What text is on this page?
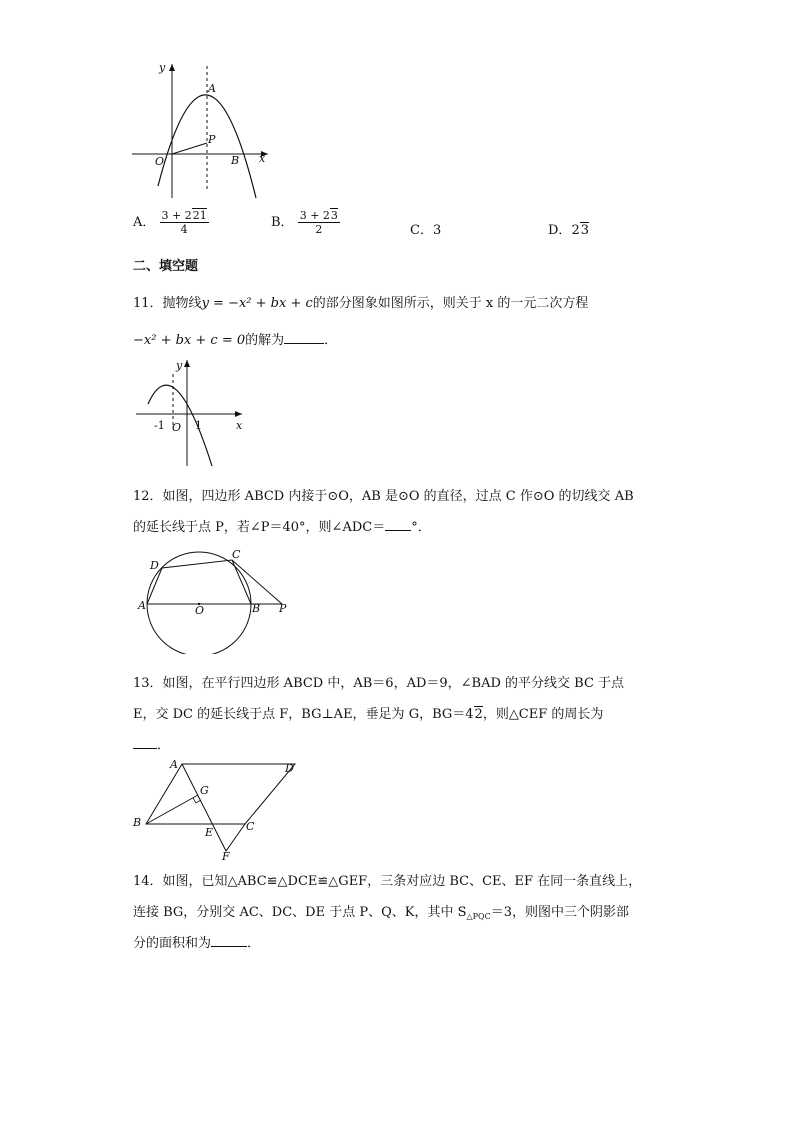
y
A
P
O	B x
A． $\frac{3 + 221}{4}$	B． $\frac{3 + 23}{2}$	C．3	D．23
二、填空题
11．抛物线y = −x² + bx + c的部分图象如图所示，则关于 x 的一元二次方程
−x² + bx + c = 0的解为	．
y
-1 O 1	x
12．如图，四边形 ABCD 内接于⊙O，AB 是⊙O 的直径，过点 C 作⊙O 的切线交 AB
的延长线于点 P，若∠P＝40°，则∠ADC＝ °．
D
C
A	O	B P
13．如图，在平行四边形 ABCD 中，AB＝6，AD＝9，∠BAD 的平分线交 BC 于点
E，交 DC 的延长线于点 F，BG⊥AE，垂足为 G，BG＝42，则△CEF 的周长为
．
A	D
G
B
E	C
F
14．如图，已知△ABC≌△DCE≌△GEF，三条对应边 BC、CE、EF 在同一条直线上，
连接 BG，分别交 AC、DC、DE 于点 P、Q、K，其中 $S_{\triangle PQC}=3$，则图中三个阴影部
分的面积和为	．
